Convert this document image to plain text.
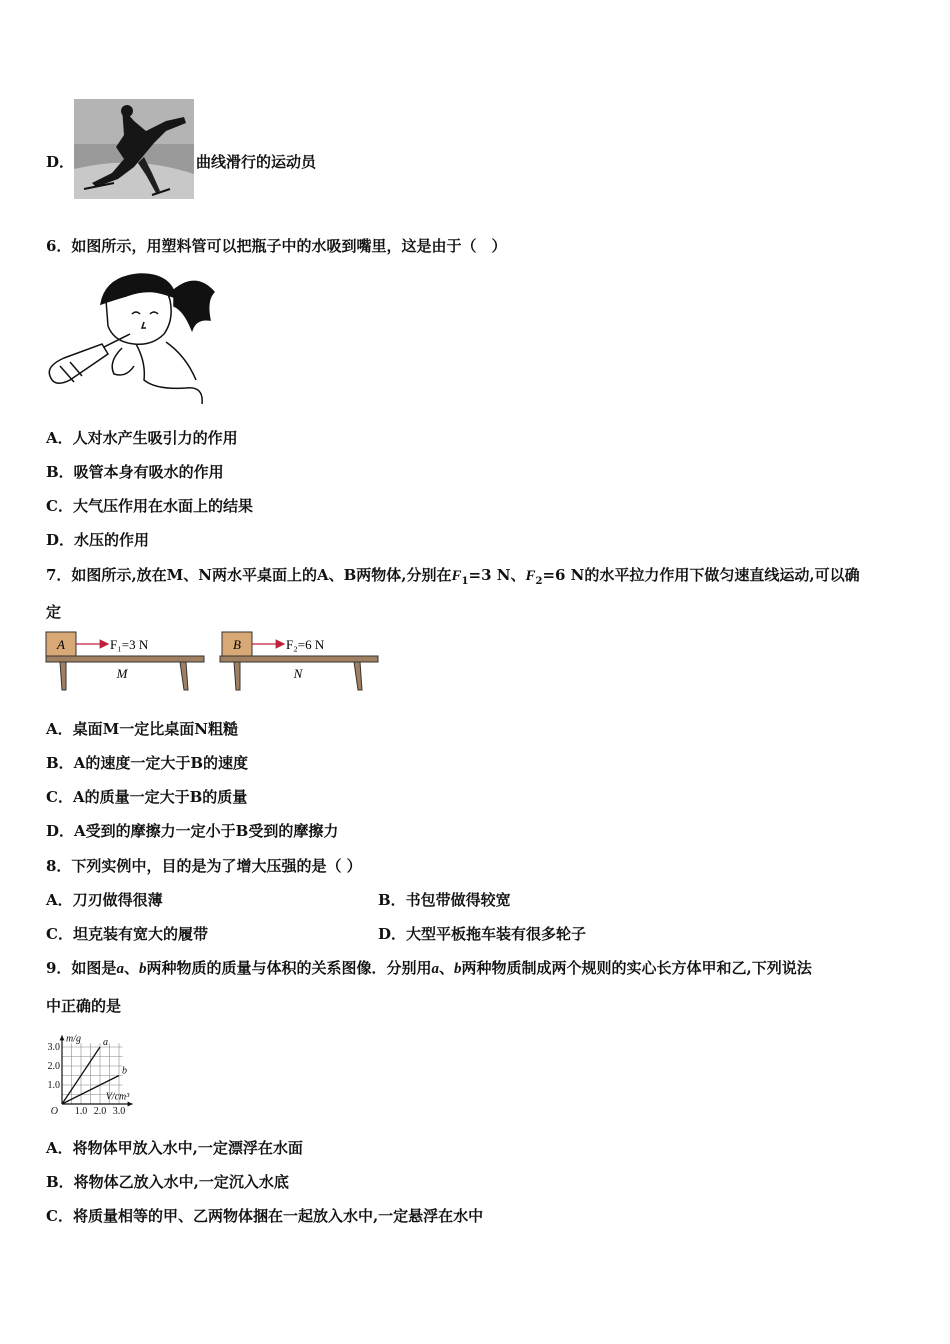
D．	曲线滑行的运动员
6．如图所示，用塑料管可以把瓶子中的水吸到嘴里，这是由于（　）
A．人对水产生吸引力的作用
B．吸管本身有吸水的作用
C．大气压作用在水面上的结果
D．水压的作用
7．如图所示,放在M、N两水平桌面上的A、B两物体,分别在$F_1=3$ N、$F_2=6$ N的水平拉力作用下做匀速直线运动,可以确
定
A	F₁=3 N
M
B	F₂=6 N
N
A．桌面M一定比桌面N粗糙
B．A的速度一定大于B的速度
C．A的质量一定大于B的质量
D．A受到的摩擦力一定小于B受到的摩擦力
8．下列实例中，目的是为了增大压强的是（ ）
A．刀刃做得很薄	B．书包带做得较宽
C．坦克装有宽大的履带	D．大型平板拖车装有很多轮子
9．如图是a、b两种物质的质量与体积的关系图像．分别用a、b两种物质制成两个规则的实心长方体甲和乙,下列说法
中正确的是
1.0 2.0 3.0
1.0
2.0
3.0
O
m/g
V/cm³
a
b
A．将物体甲放入水中,一定漂浮在水面
B．将物体乙放入水中,一定沉入水底
C．将质量相等的甲、乙两物体捆在一起放入水中,一定悬浮在水中
